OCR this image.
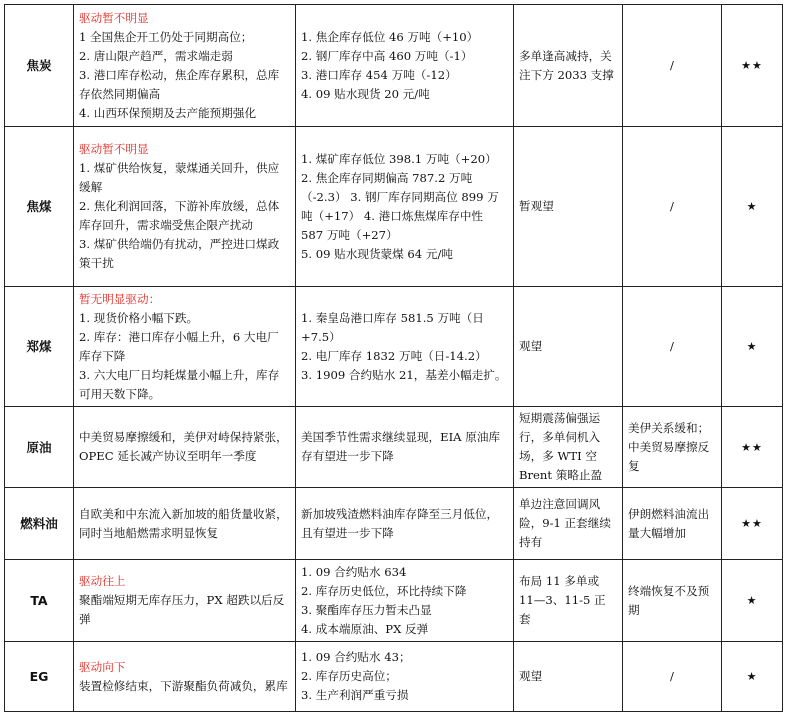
焦炭	驱动暂不明显
1 全国焦企开工仍处于同期高位；
2. 唐山限产趋严，需求端走弱
3. 港口库存松动，焦企库存累积，总库存依然同期偏高
4. 山西环保预期及去产能预期强化	1. 焦企库存低位 46 万吨（+10）
2. 钢厂库存中高 460 万吨（-1）
3. 港口库存 454 万吨（-12）
4. 09 贴水现货 20 元/吨	多单逢高减持，关注下方 2033 支撑	/	★★
焦煤	驱动暂不明显
1. 煤矿供给恢复，蒙煤通关回升，供应缓解
2. 焦化利润回落，下游补库放缓，总体库存回升，需求端受焦企限产扰动
3. 煤矿供给端仍有扰动，严控进口煤政策干扰	1. 煤矿库存低位 398.1 万吨（+20）
2. 焦企库存同期偏高 787.2 万吨（-2.3） 3. 钢厂库存同期高位 899 万吨（+17） 4. 港口炼焦煤库存中性 587 万吨（+27）
5. 09 贴水现货蒙煤 64 元/吨	暂观望	/	★
郑煤	暂无明显驱动：
1. 现货价格小幅下跌。
2. 库存：港口库存小幅上升，6 大电厂库存下降
3. 六大电厂日均耗煤量小幅上升，库存可用天数下降。	1. 秦皇岛港口库存 581.5 万吨（日+7.5）
2. 电厂库存 1832 万吨（日-14.2）
3. 1909 合约贴水 21，基差小幅走扩。	观望	/	★
原油	中美贸易摩擦缓和，美伊对峙保持紧张，OPEC 延长减产协议至明年一季度	美国季节性需求继续显现，EIA 原油库存有望进一步下降	短期震荡偏强运行，多单伺机入场，多 WTI 空 Brent 策略止盈	美伊关系缓和；中美贸易摩擦反复	★★
燃料油	自欧美和中东流入新加坡的船货量收紧，同时当地船燃需求明显恢复	新加坡残渣燃料油库存降至三月低位，且有望进一步下降	单边注意回调风险，9-1 正套继续持有	伊朗燃料油流出量大幅增加	★★
TA	驱动往上
聚酯端短期无库存压力，PX 超跌以后反弹	1. 09 合约贴水 634
2. 库存历史低位，环比持续下降
3. 聚酯库存压力暂未凸显
4. 成本端原油、PX 反弹	布局 11 多单或 11—3、11-5 正套	终端恢复不及预期	★
EG	驱动向下
装置检修结束，下游聚酯负荷减负，累库	1. 09 合约贴水 43；
2. 库存历史高位；
3. 生产利润严重亏损	观望	/	★
